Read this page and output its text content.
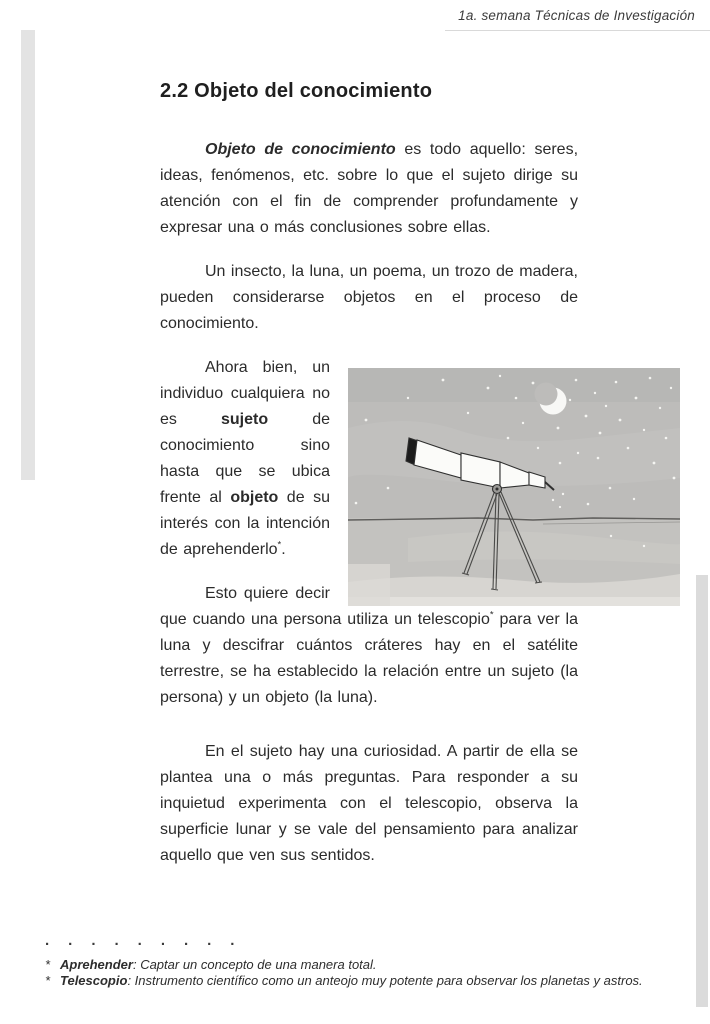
1a. semana Técnicas de Investigación
2.2 Objeto del conocimiento

Objeto de conocimiento es todo aquello: seres, ideas, fenómenos, etc. sobre lo que el sujeto dirige su atención con el fin de comprender profundamente y expresar una o más conclusiones sobre ellas.

Un insecto, la luna, un poema, un trozo de madera, pueden considerarse objetos en el proceso de conocimiento.

Ahora bien, un individuo cualquiera no es sujeto de conocimiento sino hasta que se ubica frente al objeto de su interés con la intención de aprehenderlo*.

Esto quiere decir que cuando una persona utiliza un telescopio* para ver la luna y descifrar cuántos cráteres hay en el satélite terrestre, se ha establecido la relación entre un sujeto (la persona) y un objeto (la luna).

En el sujeto hay una curiosidad. A partir de ella se plantea una o más preguntas. Para responder a su inquietud experimenta con el telescopio, observa la superficie lunar y se vale del pensamiento para analizar aquello que ven sus sentidos.

· · · · · · · · ·
* Aprehender: Captar un concepto de una manera total.
* Telescopio: Instrumento científico como un anteojo muy potente para observar los planetas y astros.
